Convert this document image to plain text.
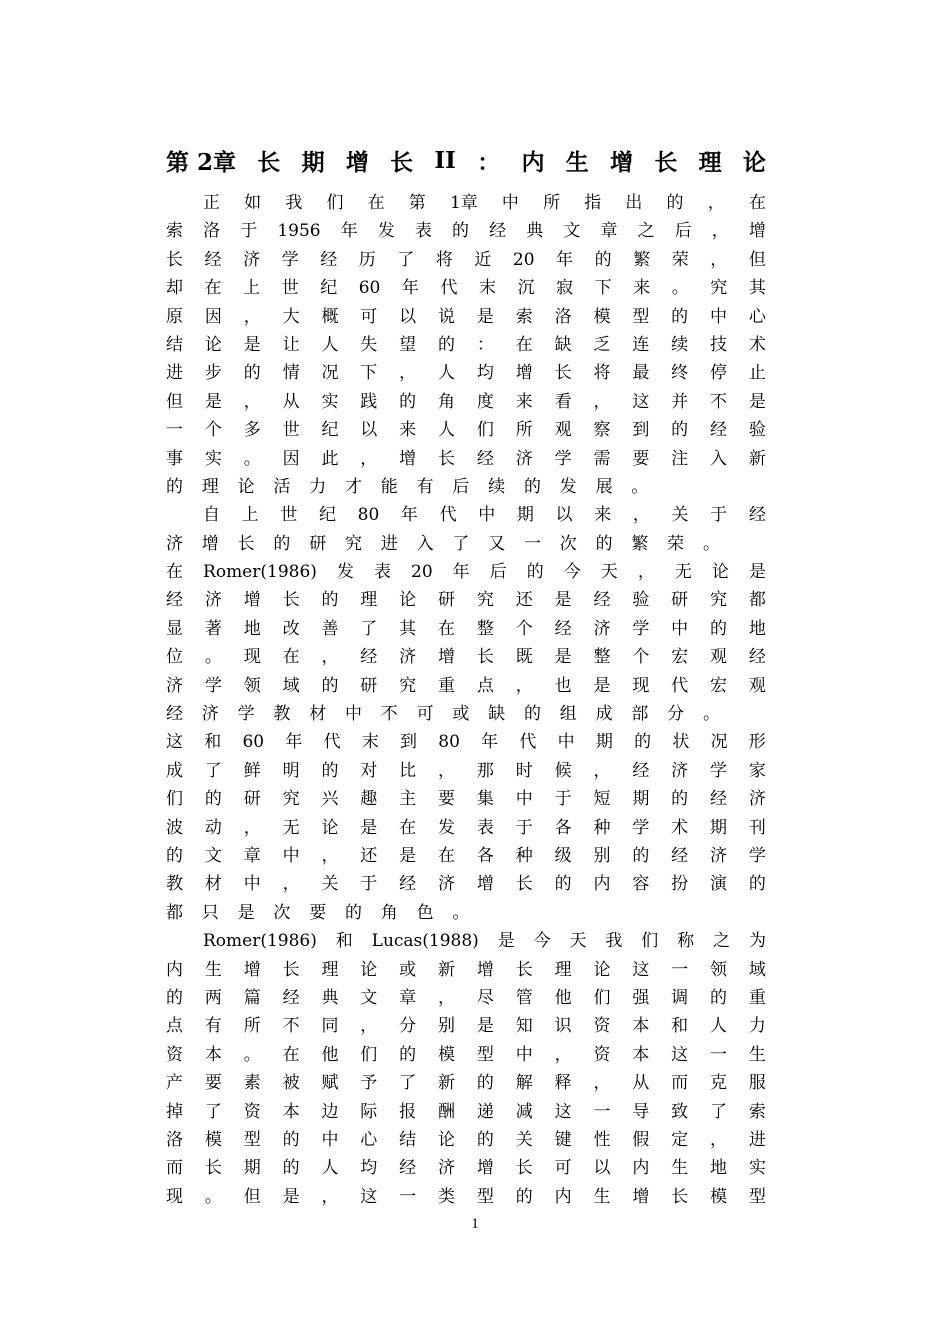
第 2章 长 期 增 长 II ： 内 生 增 长 理 论
正 如 我 们 在 第 1章 中 所 指 出 的 ， 在
索 洛 于 1956 年 发 表 的 经 典 文 章 之 后 ， 增
长 经 济 学 经 历 了 将 近 20 年 的 繁 荣 ， 但
却 在 上 世 纪 60 年 代 末 沉 寂 下 来 。 究 其
原 因 ， 大 概 可 以 说 是 索 洛 模 型 的 中 心
结 论 是 让 人 失 望 的 ： 在 缺 乏 连 续 技 术
进 步 的 情 况 下 ， 人 均 增 长 将 最 终 停 止
但 是 ， 从 实 践 的 角 度 来 看 ， 这 并 不 是
一 个 多 世 纪 以 来 人 们 所 观 察 到 的 经 验
事 实 。 因 此 ， 增 长 经 济 学 需 要 注 入 新
的 理 论 活 力 才 能 有 后 续 的 发 展 。
自 上 世 纪 80 年 代 中 期 以 来 ， 关 于 经
济 增 长 的 研 究 进 入 了 又 一 次 的 繁 荣 。
在 Romer(1986) 发 表 20 年 后 的 今 天 ， 无 论 是
经 济 增 长 的 理 论 研 究 还 是 经 验 研 究 都
显 著 地 改 善 了 其 在 整 个 经 济 学 中 的 地
位 。 现 在 ， 经 济 增 长 既 是 整 个 宏 观 经
济 学 领 域 的 研 究 重 点 ， 也 是 现 代 宏 观
经 济 学 教 材 中 不 可 或 缺 的 组 成 部 分 。
这 和 60 年 代 末 到 80 年 代 中 期 的 状 况 形
成 了 鲜 明 的 对 比 ， 那 时 候 ， 经 济 学 家
们 的 研 究 兴 趣 主 要 集 中 于 短 期 的 经 济
波 动 ， 无 论 是 在 发 表 于 各 种 学 术 期 刊
的 文 章 中 ， 还 是 在 各 种 级 别 的 经 济 学
教 材 中 ， 关 于 经 济 增 长 的 内 容 扮 演 的
都 只 是 次 要 的 角 色 。
Romer(1986) 和 Lucas(1988) 是 今 天 我 们 称 之 为
内 生 增 长 理 论 或 新 增 长 理 论 这 一 领 域
的 两 篇 经 典 文 章 ， 尽 管 他 们 强 调 的 重
点 有 所 不 同 ， 分 别 是 知 识 资 本 和 人 力
资 本 。 在 他 们 的 模 型 中 ， 资 本 这 一 生
产 要 素 被 赋 予 了 新 的 解 释 ， 从 而 克 服
掉 了 资 本 边 际 报 酬 递 减 这 一 导 致 了 索
洛 模 型 的 中 心 结 论 的 关 键 性 假 定 ， 进
而 长 期 的 人 均 经 济 增 长 可 以 内 生 地 实
现 。 但 是 ， 这 一 类 型 的 内 生 增 长 模 型
1
